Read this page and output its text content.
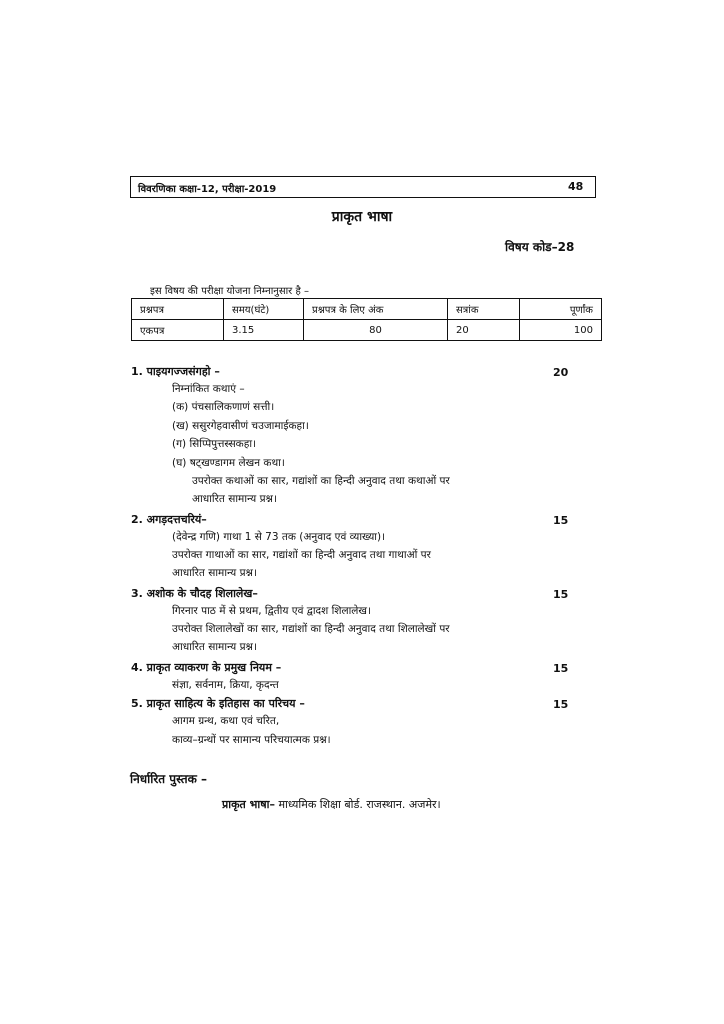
विवरणिका कक्षा-12, परीक्षा-2019	48
प्राकृत भाषा
विषय कोड–28
इस विषय की परीक्षा योजना निम्नानुसार है –
प्रश्नपत्र	समय(घंटे)	प्रश्नपत्र के लिए अंक	सत्रांक	पूर्णांक
एकपत्र	3.15	80	20	100
1. पाइयगज्जसंगहो –	20
निम्नांकित कथाएं –
(क) पंचसालिकणाणं सत्ती।
(ख) ससुरगेहवासीणं चउजामाईकहा।
(ग) सिप्पिपुत्तस्सकहा।
(घ) षट्खण्डागम लेखन कथा।
उपरोक्त कथाओं का सार, गद्यांशों का हिन्दी अनुवाद तथा कथाओं पर
आधारित सामान्य प्रश्न।
2. अगड़दत्तचरियं–	15
(देवेन्द्र गणि) गाथा 1 से 73 तक (अनुवाद एवं व्याख्या)।
उपरोक्त गाथाओं का सार, गद्यांशों का हिन्दी अनुवाद तथा गाथाओं पर
आधारित सामान्य प्रश्न।
3. अशोक के चौदह शिलालेख–	15
गिरनार पाठ में से प्रथम, द्वितीय एवं द्वादश शिलालेख।
उपरोक्त शिलालेखों का सार, गद्यांशों का हिन्दी अनुवाद तथा शिलालेखों पर
आधारित सामान्य प्रश्न।
4. प्राकृत व्याकरण के प्रमुख नियम –	15
संज्ञा, सर्वनाम, क्रिया, कृदन्त
5. प्राकृत साहित्य के इतिहास का परिचय –	15
आगम ग्रन्थ, कथा एवं चरित,
काव्य–ग्रन्थों पर सामान्य परिचयात्मक प्रश्न।
निर्धारित पुस्तक –
प्राकृत भाषा– माध्यमिक शिक्षा बोर्ड. राजस्थान. अजमेर।
